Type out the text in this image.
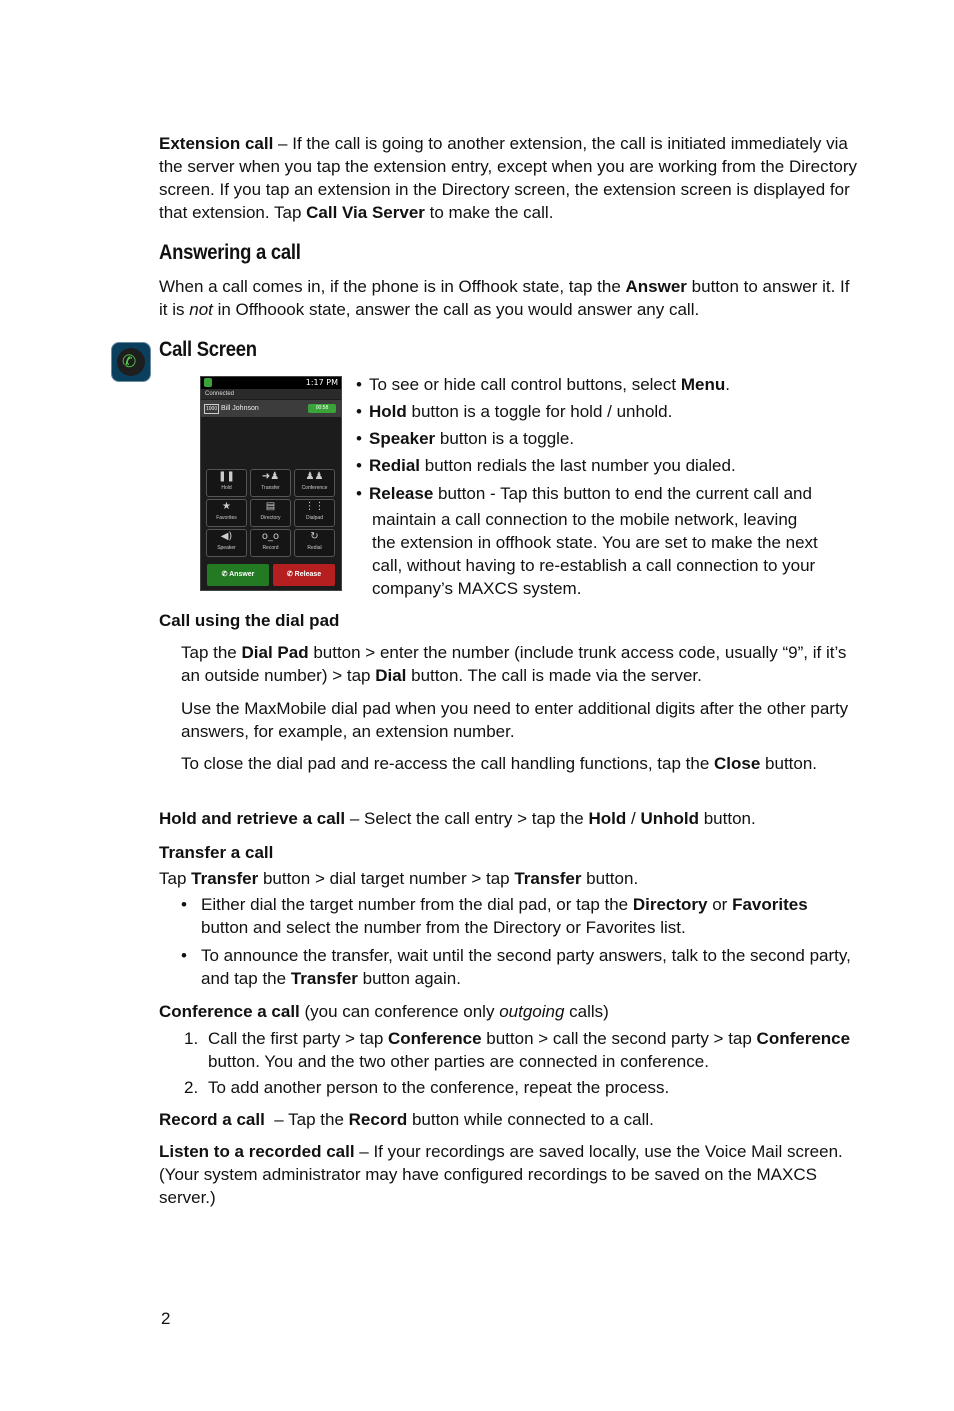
Extension call – If the call is going to another extension, the call is initiated immediately via the server when you tap the extension entry, except when you are working from the Directory screen. If you tap an extension in the Directory screen, the extension screen is displayed for that extension. Tap Call Via Server to make the call.

Answering a call

When a call comes in, if the phone is in Offhook state, tap the Answer button to answer it. If it is not in Offhoook state, answer the call as you would answer any call.

✆
Call Screen
1:17 PM
Connected
1000 Bill Johnson	00:58
❚❚
Hold
➜♟
Transfer
♟♟
Conference
★
Favorites
▤
Directory
⋮⋮
Dialpad
◀)
Speaker
o_o
Record
↻
Redial
✆ Answer	✆ Release
• To see or hide call control buttons, select Menu.
• Hold button is a toggle for hold / unhold.
• Speaker button is a toggle.
• Redial button redials the last number you dialed.
• Release button - Tap this button to end the current call and
maintain a call connection to the mobile network, leaving
the extension in offhook state. You are set to make the next
call, without having to re-establish a call connection to your
company’s MAXCS system.
Call using the dial pad

Tap the Dial Pad button > enter the number (include trunk access code, usually “9”, if it’s an outside number) > tap Dial button. The call is made via the server.

Use the MaxMobile dial pad when you need to enter additional digits after the other party answers, for example, an extension number.

To close the dial pad and re-access the call handling functions, tap the Close button.

Hold and retrieve a call – Select the call entry > tap the Hold / Unhold button.

Transfer a call

Tap Transfer button > dial target number > tap Transfer button.

• Either dial the target number from the dial pad, or tap the Directory or Favorites button and select the number from the Directory or Favorites list.
• To announce the transfer, wait until the second party answers, talk to the second party, and tap the Transfer button again.

Conference a call (you can conference only outgoing calls)

1. Call the first party > tap Conference button > call the second party > tap Conference button. You and the two other parties are connected in conference.
2. To add another person to the conference, repeat the process.

Record a call  – Tap the Record button while connected to a call.

Listen to a recorded call – If your recordings are saved locally, use the Voice Mail screen. (Your system administrator may have configured recordings to be saved on the MAXCS server.)

2
